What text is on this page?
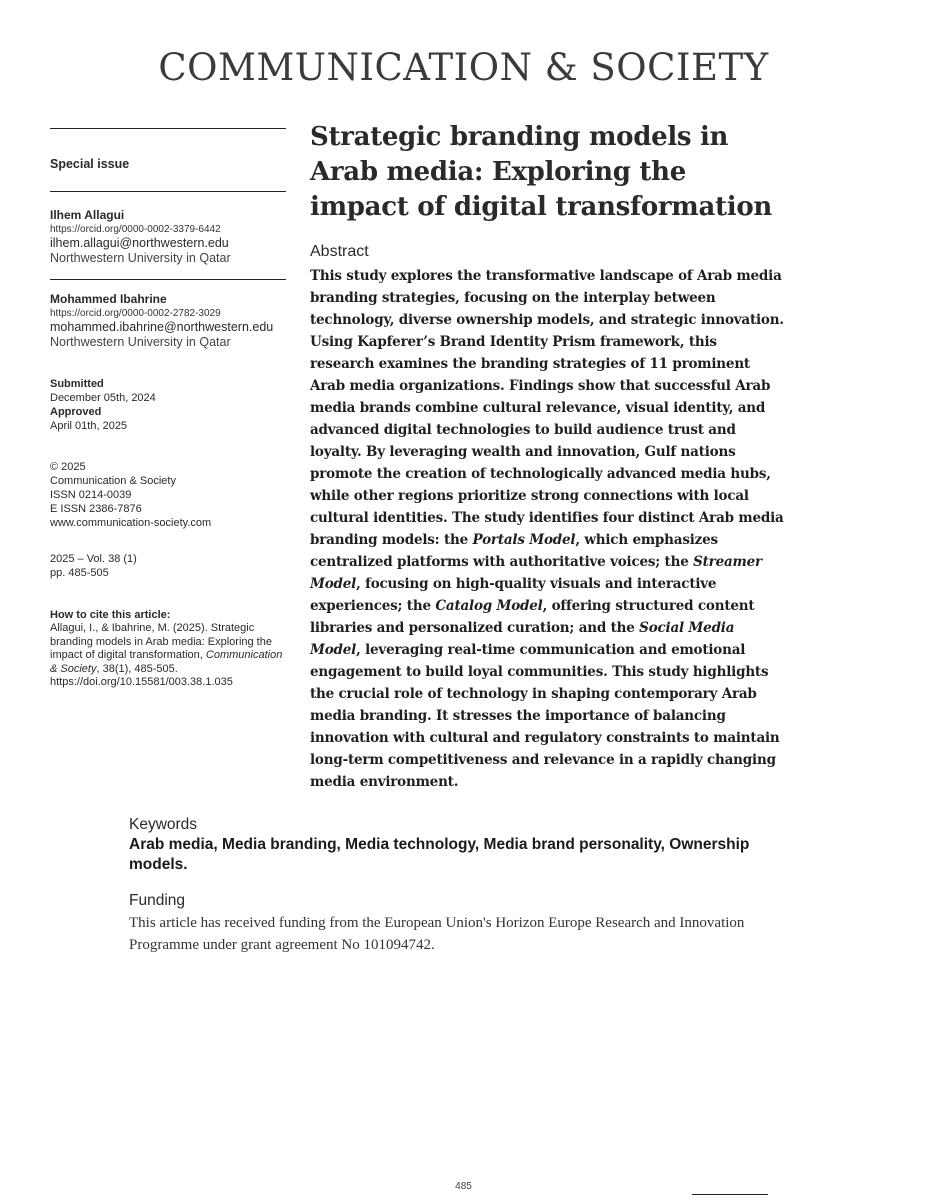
COMMUNICATION & SOCIETY
Special issue
Ilhem Allagui
https://orcid.org/0000-0002-3379-6442
ilhem.allagui@northwestern.edu
Northwestern University in Qatar
Mohammed Ibahrine
https://orcid.org/0000-0002-2782-3029
mohammed.ibahrine@northwestern.edu
Northwestern University in Qatar
Submitted
December 05th, 2024
Approved
April 01th, 2025
© 2025
Communication & Society
ISSN 0214-0039
E ISSN 2386-7876
www.communication-society.com
2025 – Vol. 38 (1)
pp. 485-505
How to cite this article:
Allagui, I., & Ibahrine, M. (2025). Strategic branding models in Arab media: Exploring the impact of digital transformation, Communication & Society, 38(1), 485-505.
https://doi.org/10.15581/003.38.1.035
Strategic branding models in Arab media: Exploring the impact of digital transformation
Abstract
This study explores the transformative landscape of Arab media branding strategies, focusing on the interplay between technology, diverse ownership models, and strategic innovation. Using Kapferer’s Brand Identity Prism framework, this research examines the branding strategies of 11 prominent Arab media organizations. Findings show that successful Arab media brands combine cultural relevance, visual identity, and advanced digital technologies to build audience trust and loyalty. By leveraging wealth and innovation, Gulf nations promote the creation of technologically advanced media hubs, while other regions prioritize strong connections with local cultural identities. The study identifies four distinct Arab media branding models: the Portals Model, which emphasizes centralized platforms with authoritative voices; the Streamer Model, focusing on high-quality visuals and interactive experiences; the Catalog Model, offering structured content libraries and personalized curation; and the Social Media Model, leveraging real-time communication and emotional engagement to build loyal communities. This study highlights the crucial role of technology in shaping contemporary Arab media branding. It stresses the importance of balancing innovation with cultural and regulatory constraints to maintain long-term competitiveness and relevance in a rapidly changing media environment.
Keywords
Arab media, Media branding, Media technology, Media brand personality, Ownership models.
Funding
This article has received funding from the European Union's Horizon Europe Research and Innovation Programme under grant agreement No 101094742.
485
